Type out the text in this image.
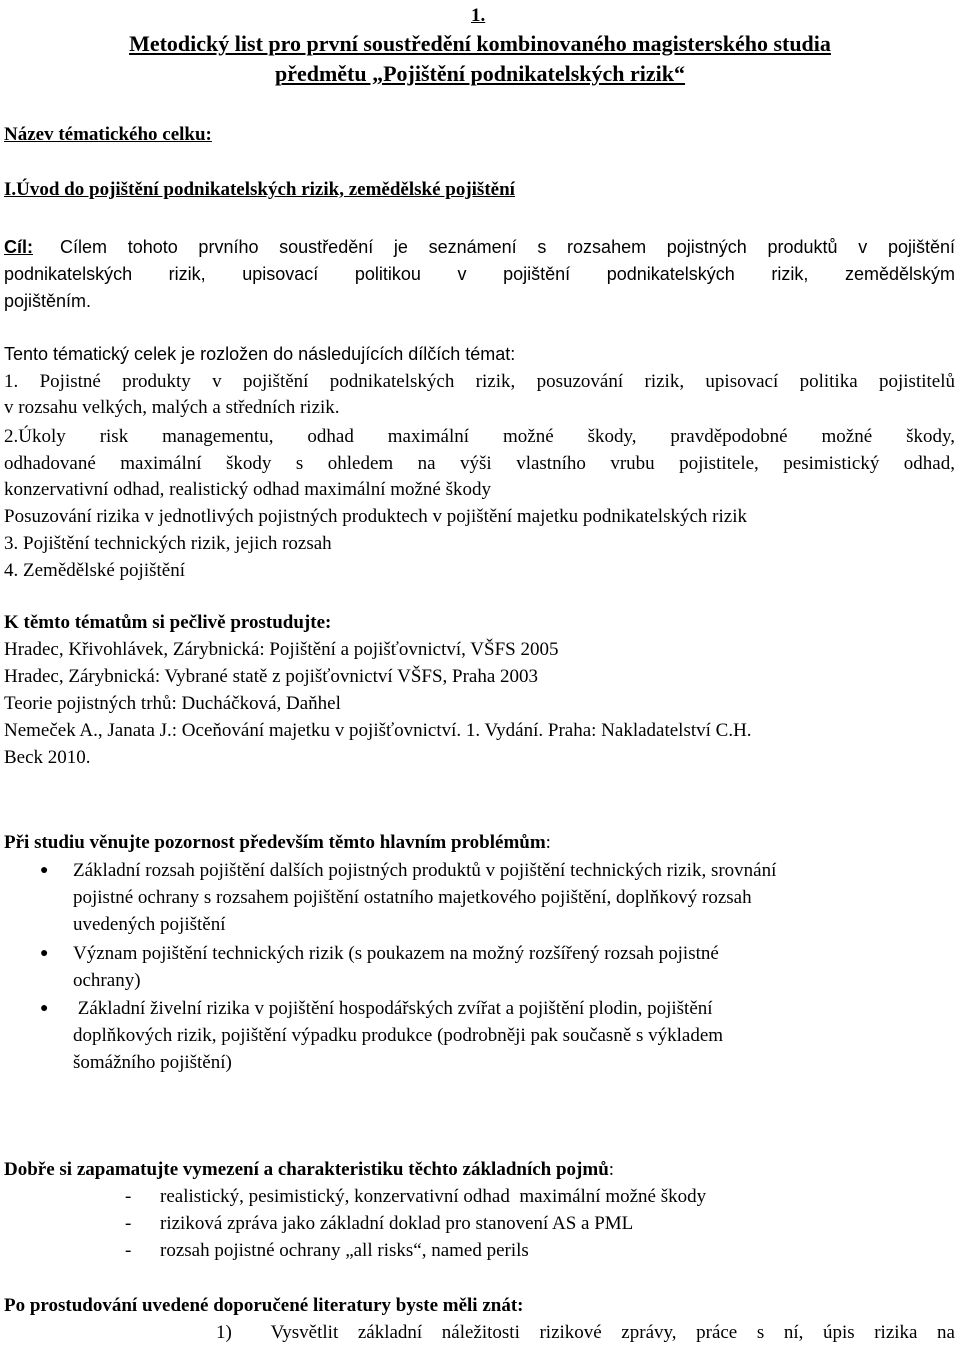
1.
Metodický list pro první soustředění kombinovaného magisterského studia
předmětu „Pojištění podnikatelských rizik“
Název tématického celku:
I.Úvod do pojištění podnikatelských rizik, zemědělské pojištění
Cíl: Cílem tohoto prvního soustředění je seznámení s rozsahem pojistných produktů v pojištění
podnikatelských rizik, upisovací politikou v pojištění podnikatelských rizik, zemědělským
pojištěním.
Tento tématický celek je rozložen do následujících dílčích témat:
1. Pojistné produkty v pojištění podnikatelských rizik, posuzování rizik, upisovací politika pojistitelů
v rozsahu velkých, malých a středních rizik.
2.Úkoly risk managementu, odhad maximální možné škody, pravděpodobné možné škody,
odhadované maximální škody s ohledem na výši vlastního vrubu pojistitele, pesimistický odhad,
konzervativní odhad, realistický odhad maximální možné škody
Posuzování rizika v jednotlivých pojistných produktech v pojištění majetku podnikatelských rizik
3. Pojištění technických rizik, jejich rozsah
4. Zemědělské pojištění
K těmto tématům si pečlivě prostudujte:
Hradec, Křivohlávek, Zárybnická: Pojištění a pojišťovnictví, VŠFS 2005
Hradec, Zárybnická: Vybrané statě z pojišťovnictví VŠFS, Praha 2003
Teorie pojistných trhů: Ducháčková, Daňhel
Nemeček A., Janata J.: Oceňování majetku v pojišťovnictví. 1. Vydání. Praha: Nakladatelství C.H.
Beck 2010.
Při studiu věnujte pozornost především těmto hlavním problémům:
● Základní rozsah pojištění dalších pojistných produktů v pojištění technických rizik, srovnání
pojistné ochrany s rozsahem pojištění ostatního majetkového pojištění, doplňkový rozsah
uvedených pojištění
● Význam pojištění technických rizik (s poukazem na možný rozšířený rozsah pojistné
ochrany)
● Základní živelní rizika v pojištění hospodářských zvířat a pojištění plodin, pojištění
doplňkových rizik, pojištění výpadku produkce (podrobněji pak současně s výkladem
šomážního pojištění)
Dobře si zapamatujte vymezení a charakteristiku těchto základních pojmů:
- realistický, pesimistický, konzervativní odhad  maximální možné škody
- riziková zpráva jako základní doklad pro stanovení AS a PML
- rozsah pojistné ochrany „all risks“, named perils
Po prostudování uvedené doporučené literatury byste měli znát:
1)  Vysvětlit základní náležitosti rizikové zprávy, práce s ní, úpis rizika na
